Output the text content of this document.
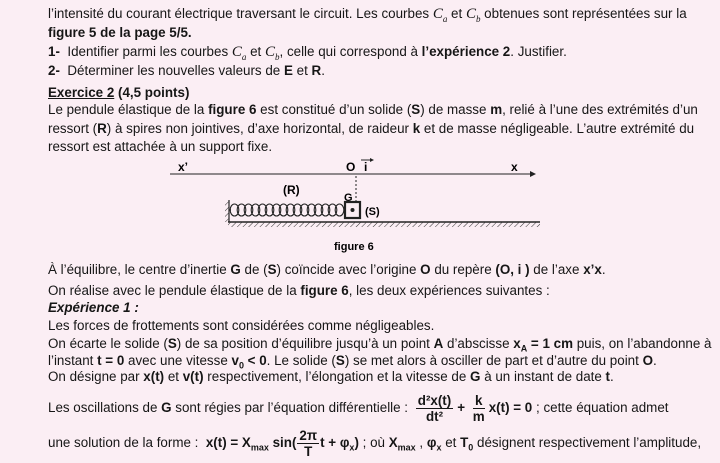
l’intensité du courant électrique traversant le circuit. Les courbes $C_a$ et $C_b$ obtenues sont représentées sur la
figure 5 de la page 5/5.
1- Identifier parmi les courbes $C_a$ et $C_b$, celle qui correspond à l’expérience 2. Justifier.
2- Déterminer les nouvelles valeurs de E et R.
Exercice 2 (4,5 points)
Le pendule élastique de la figure 6 est constitué d’un solide (S) de masse m, relié à l’une des extrémités d’un
ressort (R) à spires non jointives, d’axe horizontal, de raideur k et de masse négligeable. L’autre extrémité du
ressort est attachée à un support fixe.
x’	x
O i
(R)
G
(S)
figure 6
À l’équilibre, le centre d’inertie G de (S) coïncide avec l’origine O du repère (O, i ) de l’axe x’x.
On réalise avec le pendule élastique de la figure 6, les deux expériences suivantes :
Expérience 1 :
Les forces de frottements sont considérées comme négligeables.
On écarte le solide (S) de sa position d’équilibre jusqu’à un point A d’abscisse $x_A = 1$ cm puis, on l’abandonne à
l’instant t = 0 avec une vitesse $v_0 < 0$. Le solide (S) se met alors à osciller de part et d’autre du point O.
On désigne par x(t) et v(t) respectivement, l’élongation et la vitesse de G à un instant de date t.
Les oscillations de G sont régies par l’équation différentielle : $\frac{\text{d²x(t)}}{\text{dt²}} + \frac{k}{m} x(t) = 0$ ; cette équation admet
une solution de la forme : $x(t) = X_{max}$ $\sin( \frac{2\pi}{T}$ $t + \varphi_x$) ; où $X_{max}$ , $\varphi_x$ et $T_0$ désignent respectivement l’amplitude,
